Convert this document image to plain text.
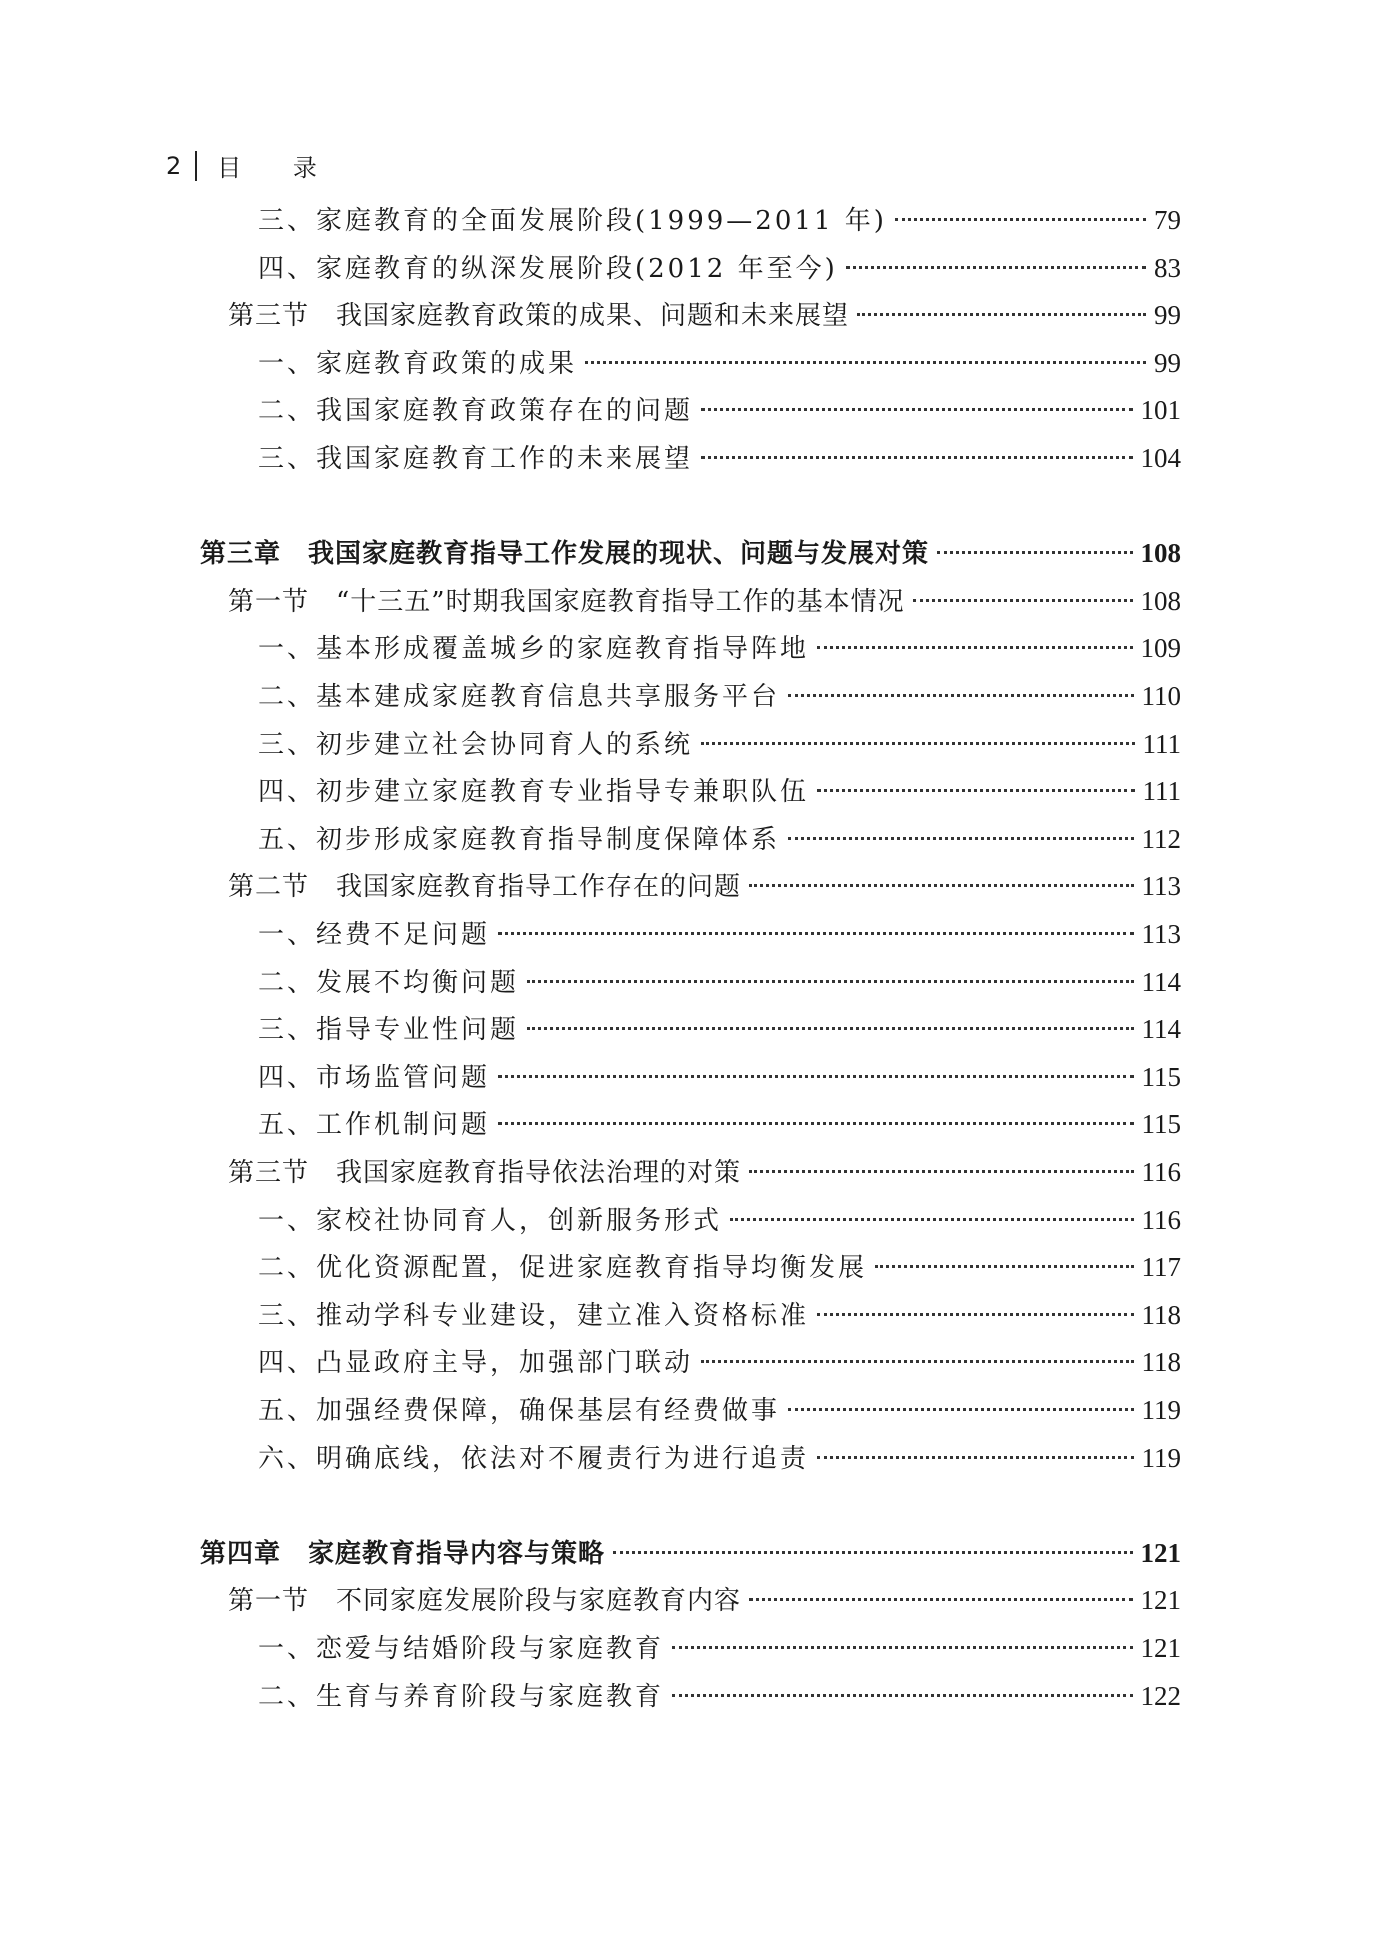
2 目 录
三、家庭教育的全面发展阶段(1999—2011 年)	79
四、家庭教育的纵深发展阶段(2012 年至今)	83
第三节　我国家庭教育政策的成果、问题和未来展望	99
一、家庭教育政策的成果	99
二、我国家庭教育政策存在的问题	101
三、我国家庭教育工作的未来展望	104
第三章　我国家庭教育指导工作发展的现状、问题与发展对策	108
第一节　“十三五”时期我国家庭教育指导工作的基本情况	108
一、基本形成覆盖城乡的家庭教育指导阵地	109
二、基本建成家庭教育信息共享服务平台	110
三、初步建立社会协同育人的系统	111
四、初步建立家庭教育专业指导专兼职队伍	111
五、初步形成家庭教育指导制度保障体系	112
第二节　我国家庭教育指导工作存在的问题	113
一、经费不足问题	113
二、发展不均衡问题	114
三、指导专业性问题	114
四、市场监管问题	115
五、工作机制问题	115
第三节　我国家庭教育指导依法治理的对策	116
一、家校社协同育人，创新服务形式	116
二、优化资源配置，促进家庭教育指导均衡发展	117
三、推动学科专业建设，建立准入资格标准	118
四、凸显政府主导，加强部门联动	118
五、加强经费保障，确保基层有经费做事	119
六、明确底线，依法对不履责行为进行追责	119
第四章　家庭教育指导内容与策略	121
第一节　不同家庭发展阶段与家庭教育内容	121
一、恋爱与结婚阶段与家庭教育	121
二、生育与养育阶段与家庭教育	122
